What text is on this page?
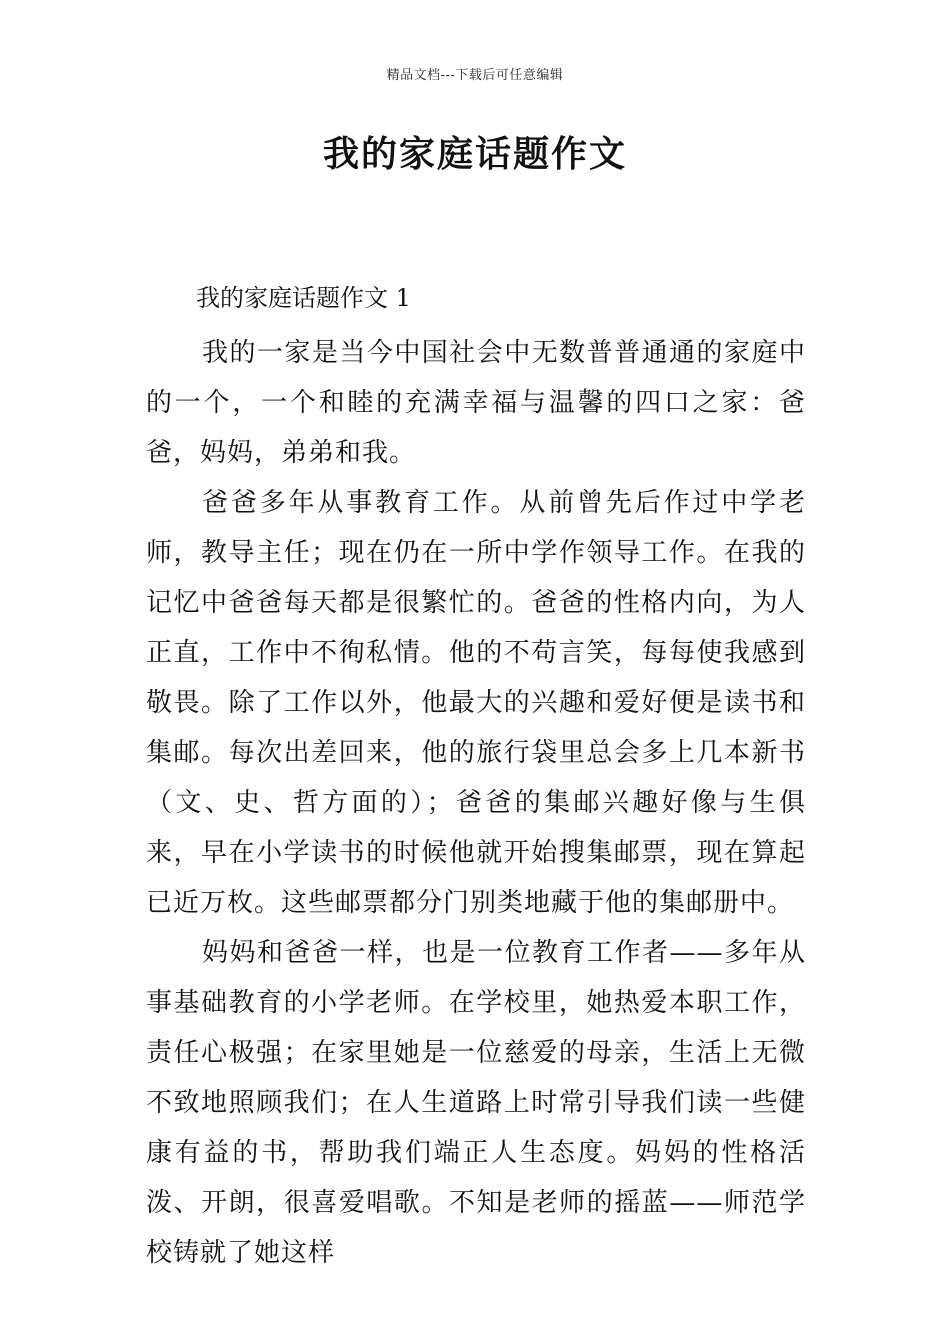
精品文档---下载后可任意编辑
我的家庭话题作文
我的家庭话题作文 1

我的一家是当今中国社会中无数普普通通的家庭中的一个，一个和睦的充满幸福与温馨的四口之家：爸爸，妈妈，弟弟和我。

爸爸多年从事教育工作。从前曾先后作过中学老师，教导主任；现在仍在一所中学作领导工作。在我的记忆中爸爸每天都是很繁忙的。爸爸的性格内向，为人正直，工作中不徇私情。他的不苟言笑，每每使我感到敬畏。除了工作以外，他最大的兴趣和爱好便是读书和集邮。每次出差回来，他的旅行袋里总会多上几本新书（文、史、哲方面的）；爸爸的集邮兴趣好像与生俱来，早在小学读书的时候他就开始搜集邮票，现在算起已近万枚。这些邮票都分门别类地藏于他的集邮册中。

妈妈和爸爸一样，也是一位教育工作者——多年从事基础教育的小学老师。在学校里，她热爱本职工作，责任心极强；在家里她是一位慈爱的母亲，生活上无微不致地照顾我们；在人生道路上时常引导我们读一些健康有益的书，帮助我们端正人生态度。妈妈的性格活泼、开朗，很喜爱唱歌。不知是老师的摇蓝——师范学校铸就了她这样
